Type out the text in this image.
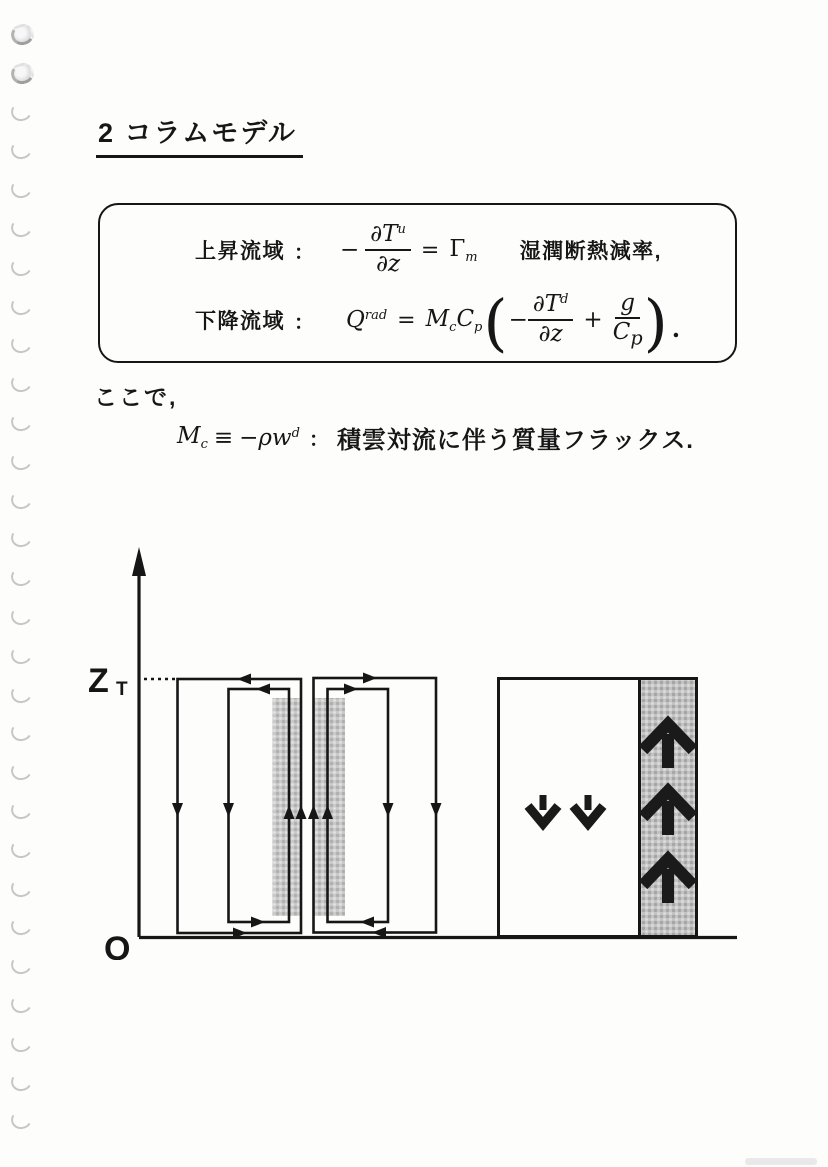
2 コラムモデル
上昇流域 ： − $\frac{\partial T^u}{\partial z} = \Gamma_m$ 湿潤断熱減率,
下降流域 ： $Q^{rad} = M_c$ $C_p$ ( − $\frac{\partial T^d}{\partial z} + \frac{g}{C_p}$ ) .
ここで,
$M_c \equiv -\rho w^d$ ： 積雲対流に伴う質量フラックス.
Z T
O
